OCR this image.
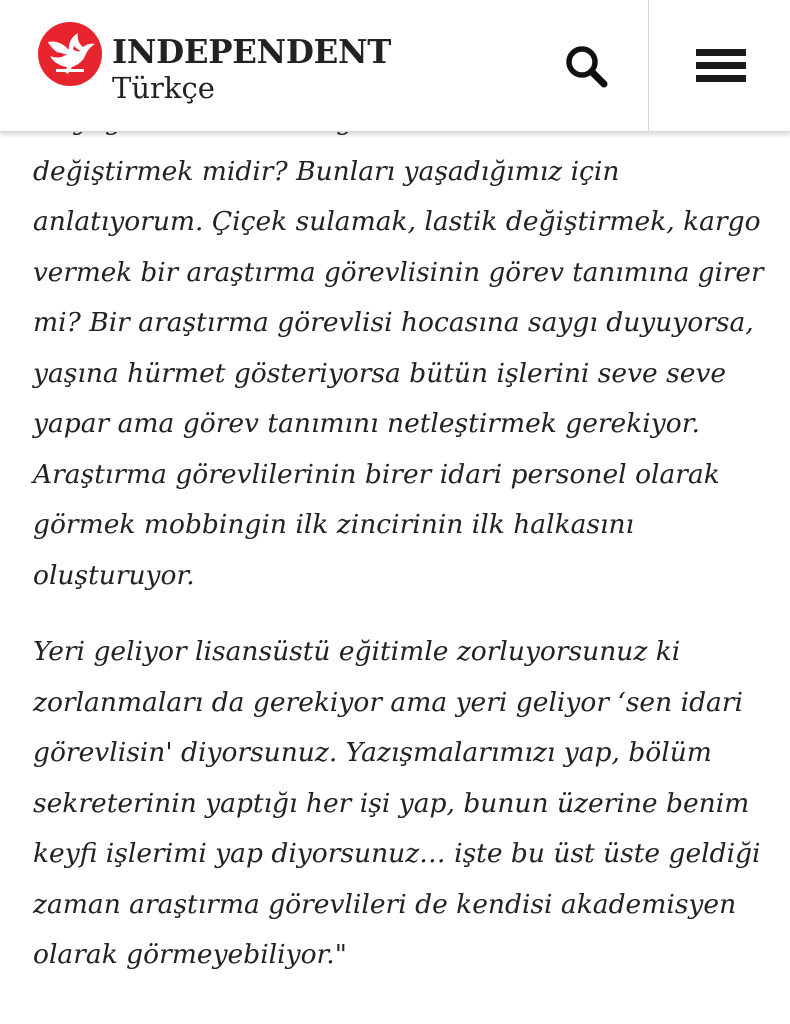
INDEPENDENT
Türkçe

değiştirmek midir? Bunları yaşadığımız için
anlatıyorum. Çiçek sulamak, lastik değiştirmek, kargo
vermek bir araştırma görevlisinin görev tanımına girer
mi? Bir araştırma görevlisi hocasına saygı duyuyorsa,
yaşına hürmet gösteriyorsa bütün işlerini seve seve
yapar ama görev tanımını netleştirmek gerekiyor.
Araştırma görevlilerinin birer idari personel olarak
görmek mobbingin ilk zincirinin ilk halkasını
oluşturuyor.

Yeri geliyor lisansüstü eğitimle zorluyorsunuz ki
zorlanmaları da gerekiyor ama yeri geliyor ‘sen idari
görevlisin' diyorsunuz. Yazışmalarımızı yap, bölüm
sekreterinin yaptığı her işi yap, bunun üzerine benim
keyfi işlerimi yap diyorsunuz… işte bu üst üste geldiği
zaman araştırma görevlileri de kendisi akademisyen
olarak görmeyebiliyor."
